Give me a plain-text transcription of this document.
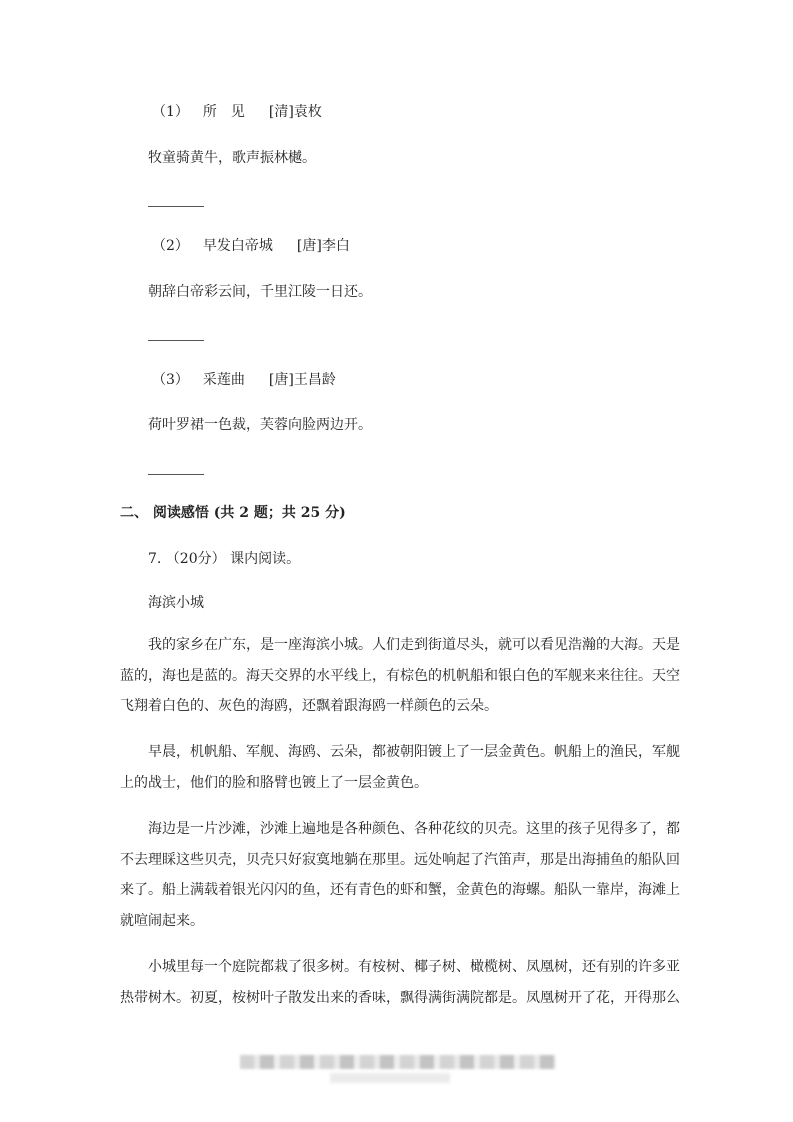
（1） 所　见 [清]袁枚
牧童骑黄牛，歌声振林樾。
（2） 早发白帝城 [唐]李白
朝辞白帝彩云间，千里江陵一日还。
（3） 采莲曲 [唐]王昌龄
荷叶罗裙一色裁，芙蓉向脸两边开。
二、 阅读感悟 (共 2 题；共 25 分)
7. （20分） 课内阅读。
海滨小城
我的家乡在广东，是一座海滨小城。人们走到街道尽头，就可以看见浩瀚的大海。天是蓝的，海也是蓝的。海天交界的水平线上，有棕色的机帆船和银白色的军舰来来往往。天空飞翔着白色的、灰色的海鸥，还飘着跟海鸥一样颜色的云朵。
早晨，机帆船、军舰、海鸥、云朵，都被朝阳镀上了一层金黄色。帆船上的渔民，军舰上的战士，他们的脸和胳臂也镀上了一层金黄色。
海边是一片沙滩，沙滩上遍地是各种颜色、各种花纹的贝壳。这里的孩子见得多了，都不去理睬这些贝壳，贝壳只好寂寞地躺在那里。远处响起了汽笛声，那是出海捕鱼的船队回来了。船上满载着银光闪闪的鱼，还有青色的虾和蟹，金黄色的海螺。船队一靠岸，海滩上就喧闹起来。
小城里每一个庭院都栽了很多树。有桉树、椰子树、橄榄树、凤凰树，还有别的许多亚热带树木。初夏，桉树叶子散发出来的香味，飘得满街满院都是。凤凰树开了花，开得那么
